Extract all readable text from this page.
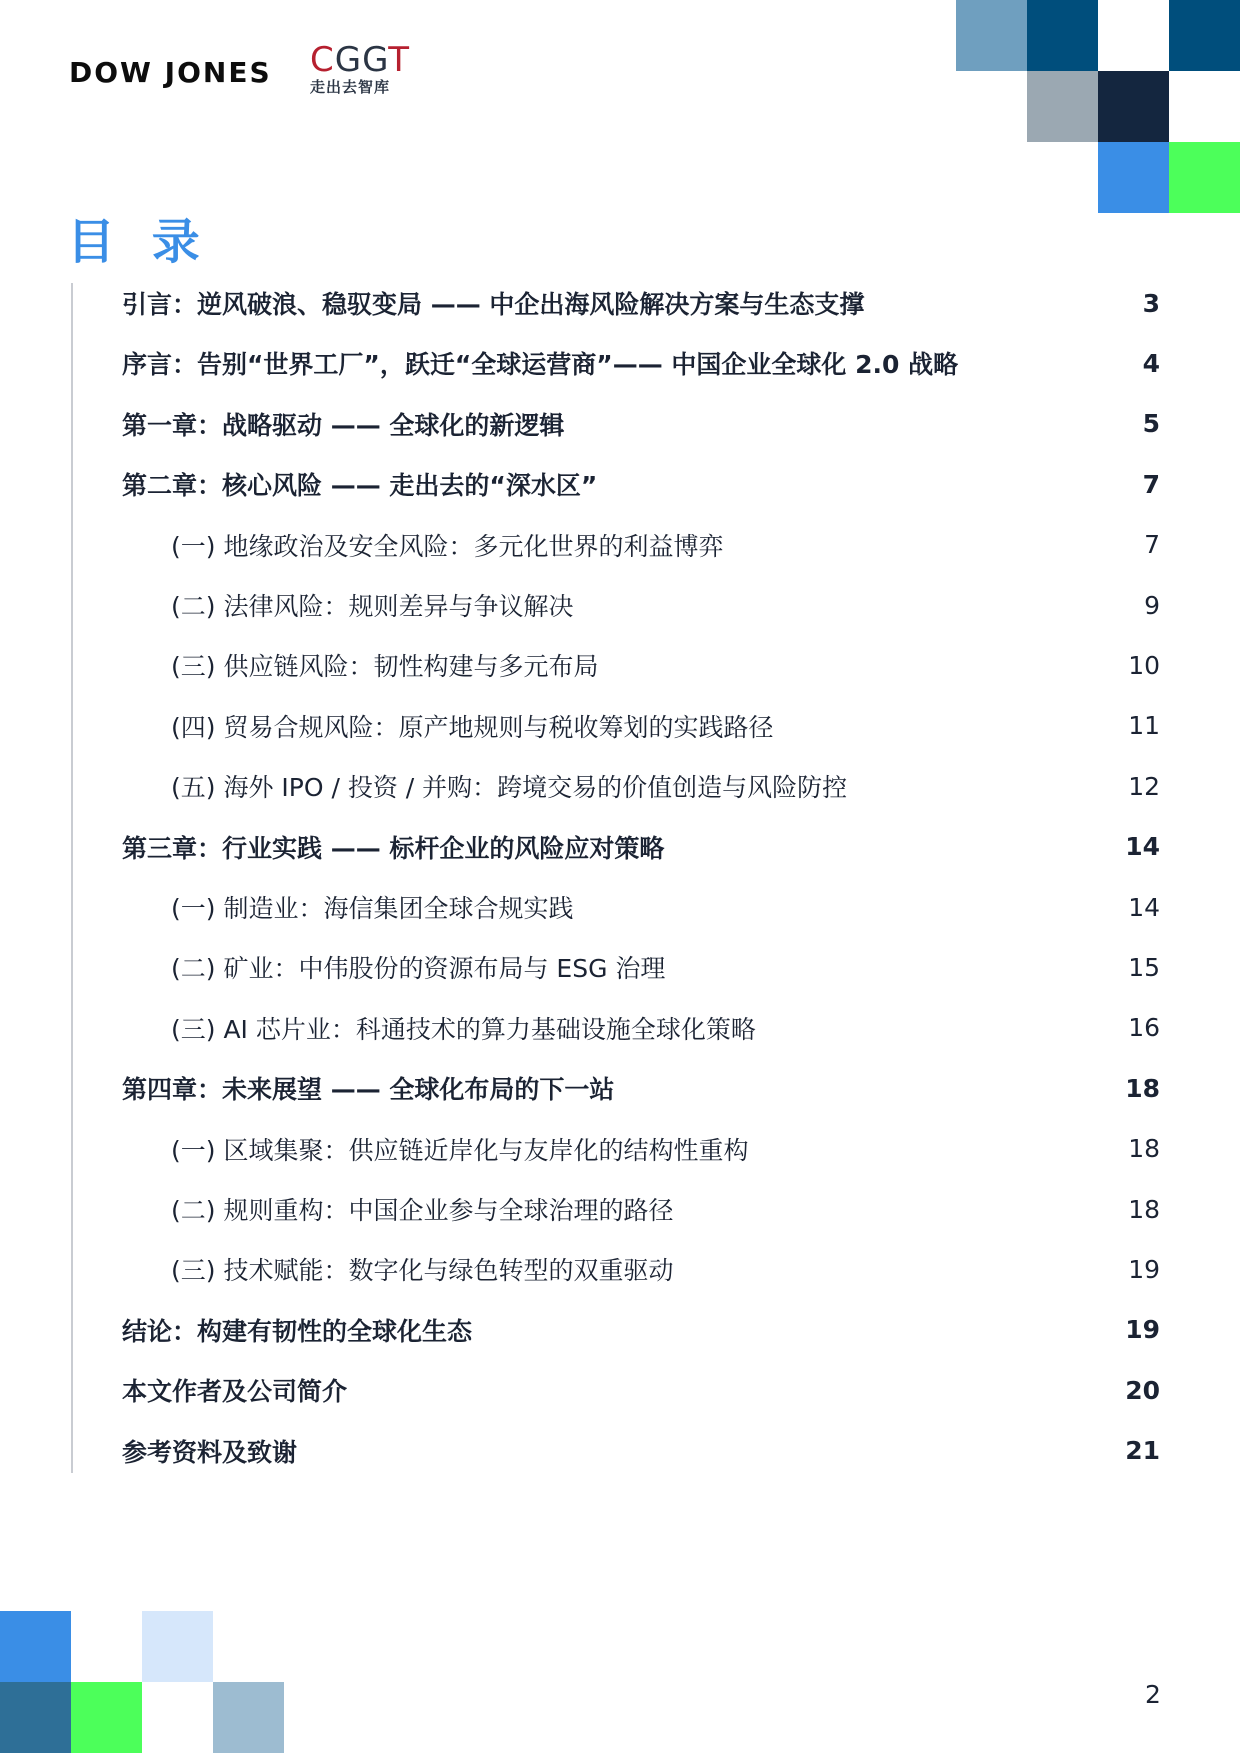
DOW JONES CGGT
走出去智库
目 录
引言：逆风破浪、稳驭变局 —— 中企出海风险解决方案与生态支撑	3
序言：告别“世界工厂”，跃迁“全球运营商”—— 中国企业全球化 2.0 战略	4
第一章：战略驱动 —— 全球化的新逻辑	5
第二章：核心风险 —— 走出去的“深水区”	7
(一) 地缘政治及安全风险：多元化世界的利益博弈	7
(二) 法律风险：规则差异与争议解决	9
(三) 供应链风险：韧性构建与多元布局	10
(四) 贸易合规风险：原产地规则与税收筹划的实践路径	11
(五) 海外 IPO / 投资 / 并购：跨境交易的价值创造与风险防控	12
第三章：行业实践 —— 标杆企业的风险应对策略	14
(一) 制造业：海信集团全球合规实践	14
(二) 矿业：中伟股份的资源布局与 ESG 治理	15
(三) AI 芯片业：科通技术的算力基础设施全球化策略	16
第四章：未来展望 —— 全球化布局的下一站	18
(一) 区域集聚：供应链近岸化与友岸化的结构性重构	18
(二) 规则重构：中国企业参与全球治理的路径	18
(三) 技术赋能：数字化与绿色转型的双重驱动	19
结论：构建有韧性的全球化生态	19
本文作者及公司简介	20
参考资料及致谢	21
2
